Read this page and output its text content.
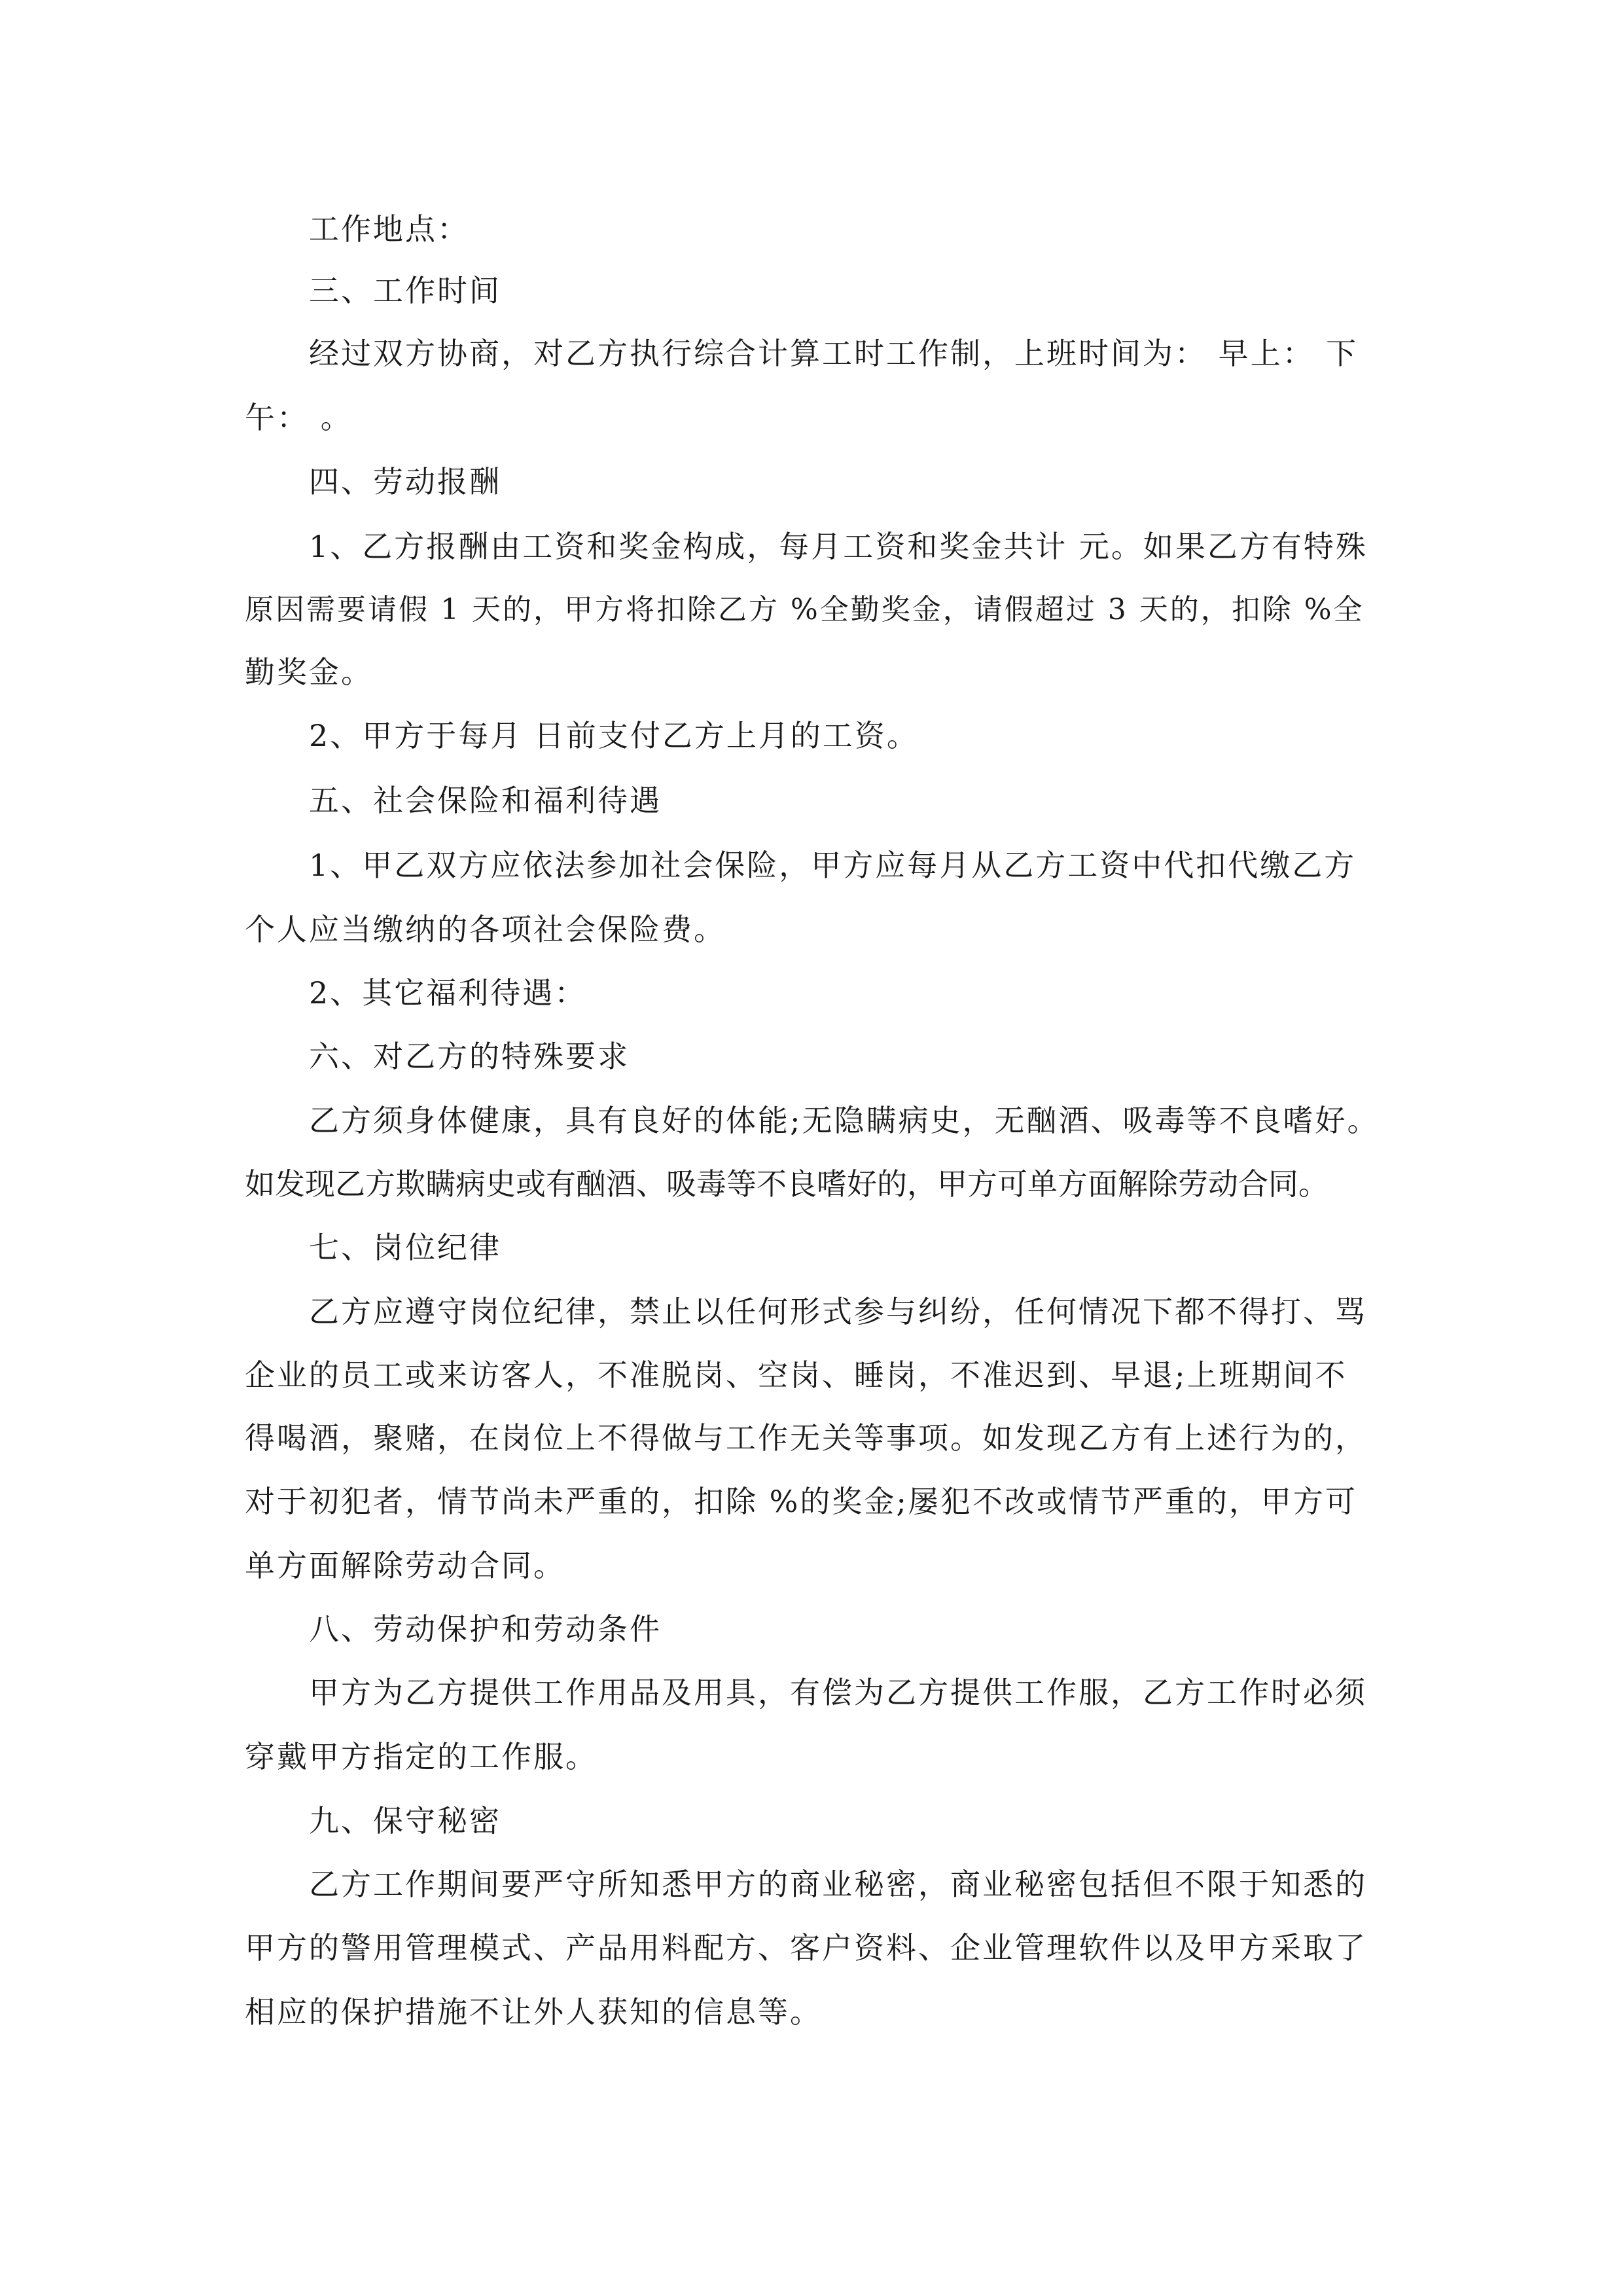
工作地点：
三、工作时间
经过双方协商，对乙方执行综合计算工时工作制，上班时间为： 早上： 下
午： 。
四、劳动报酬
1、乙方报酬由工资和奖金构成，每月工资和奖金共计 元。如果乙方有特殊
原因需要请假 1 天的，甲方将扣除乙方 %全勤奖金，请假超过 3 天的，扣除 %全
勤奖金。
2、甲方于每月 日前支付乙方上月的工资。
五、社会保险和福利待遇
1、甲乙双方应依法参加社会保险，甲方应每月从乙方工资中代扣代缴乙方
个人应当缴纳的各项社会保险费。
2、其它福利待遇：
六、对乙方的特殊要求
乙方须身体健康，具有良好的体能;无隐瞒病史，无酗酒、吸毒等不良嗜好。
如发现乙方欺瞒病史或有酗酒、吸毒等不良嗜好的，甲方可单方面解除劳动合同。
七、岗位纪律
乙方应遵守岗位纪律，禁止以任何形式参与纠纷，任何情况下都不得打、骂
企业的员工或来访客人，不准脱岗、空岗、睡岗，不准迟到、早退;上班期间不
得喝酒，聚赌，在岗位上不得做与工作无关等事项。如发现乙方有上述行为的，
对于初犯者，情节尚未严重的，扣除 %的奖金;屡犯不改或情节严重的，甲方可
单方面解除劳动合同。
八、劳动保护和劳动条件
甲方为乙方提供工作用品及用具，有偿为乙方提供工作服，乙方工作时必须
穿戴甲方指定的工作服。
九、保守秘密
乙方工作期间要严守所知悉甲方的商业秘密，商业秘密包括但不限于知悉的
甲方的警用管理模式、产品用料配方、客户资料、企业管理软件以及甲方采取了
相应的保护措施不让外人获知的信息等。
